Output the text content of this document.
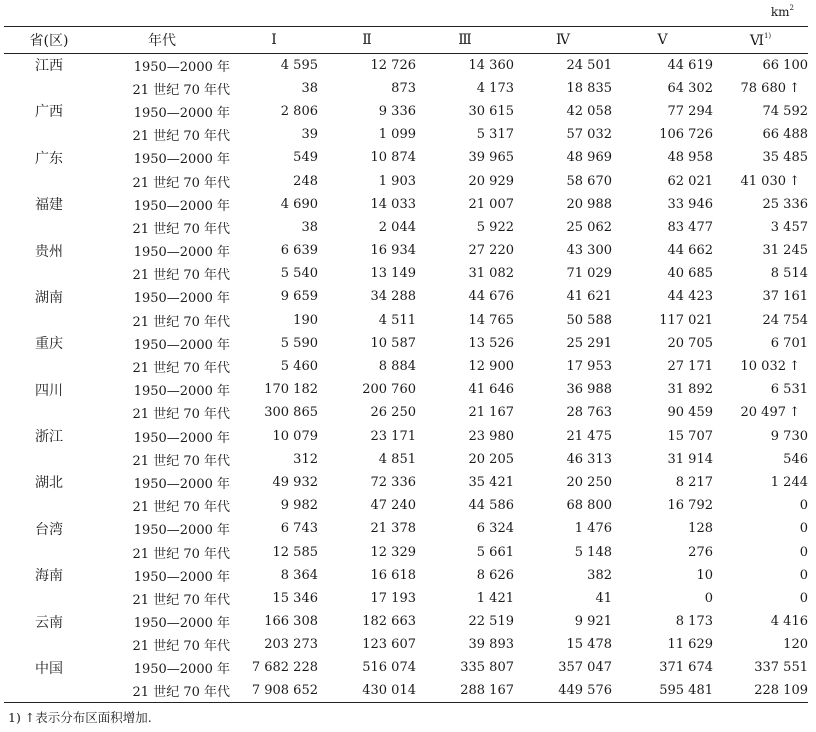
$km^2$
省(区)	年代	Ⅰ	Ⅱ	Ⅲ	Ⅳ	Ⅴ	Ⅵ$^{1)}$
江西	1950—2000 年	4 595	12 726	14 360	24 501	44 619	66 100
	21 世纪 70 年代	38	873	4 173	18 835	64 302	78 680 ↑
广西	1950—2000 年	2 806	9 336	30 615	42 058	77 294	74 592
	21 世纪 70 年代	39	1 099	5 317	57 032	106 726	66 488
广东	1950—2000 年	549	10 874	39 965	48 969	48 958	35 485
	21 世纪 70 年代	248	1 903	20 929	58 670	62 021	41 030 ↑
福建	1950—2000 年	4 690	14 033	21 007	20 988	33 946	25 336
	21 世纪 70 年代	38	2 044	5 922	25 062	83 477	3 457
贵州	1950—2000 年	6 639	16 934	27 220	43 300	44 662	31 245
	21 世纪 70 年代	5 540	13 149	31 082	71 029	40 685	8 514
湖南	1950—2000 年	9 659	34 288	44 676	41 621	44 423	37 161
	21 世纪 70 年代	190	4 511	14 765	50 588	117 021	24 754
重庆	1950—2000 年	5 590	10 587	13 526	25 291	20 705	6 701
	21 世纪 70 年代	5 460	8 884	12 900	17 953	27 171	10 032 ↑
四川	1950—2000 年	170 182	200 760	41 646	36 988	31 892	6 531
	21 世纪 70 年代	300 865	26 250	21 167	28 763	90 459	20 497 ↑
浙江	1950—2000 年	10 079	23 171	23 980	21 475	15 707	9 730
	21 世纪 70 年代	312	4 851	20 205	46 313	31 914	546
湖北	1950—2000 年	49 932	72 336	35 421	20 250	8 217	1 244
	21 世纪 70 年代	9 982	47 240	44 586	68 800	16 792	0
台湾	1950—2000 年	6 743	21 378	6 324	1 476	128	0
	21 世纪 70 年代	12 585	12 329	5 661	5 148	276	0
海南	1950—2000 年	8 364	16 618	8 626	382	10	0
	21 世纪 70 年代	15 346	17 193	1 421	41	0	0
云南	1950—2000 年	166 308	182 663	22 519	9 921	8 173	4 416
	21 世纪 70 年代	203 273	123 607	39 893	15 478	11 629	120
中国	1950—2000 年	7 682 228	516 074	335 807	357 047	371 674	337 551
	21 世纪 70 年代	7 908 652	430 014	288 167	449 576	595 481	228 109
1) ↑表示分布区面积增加.
